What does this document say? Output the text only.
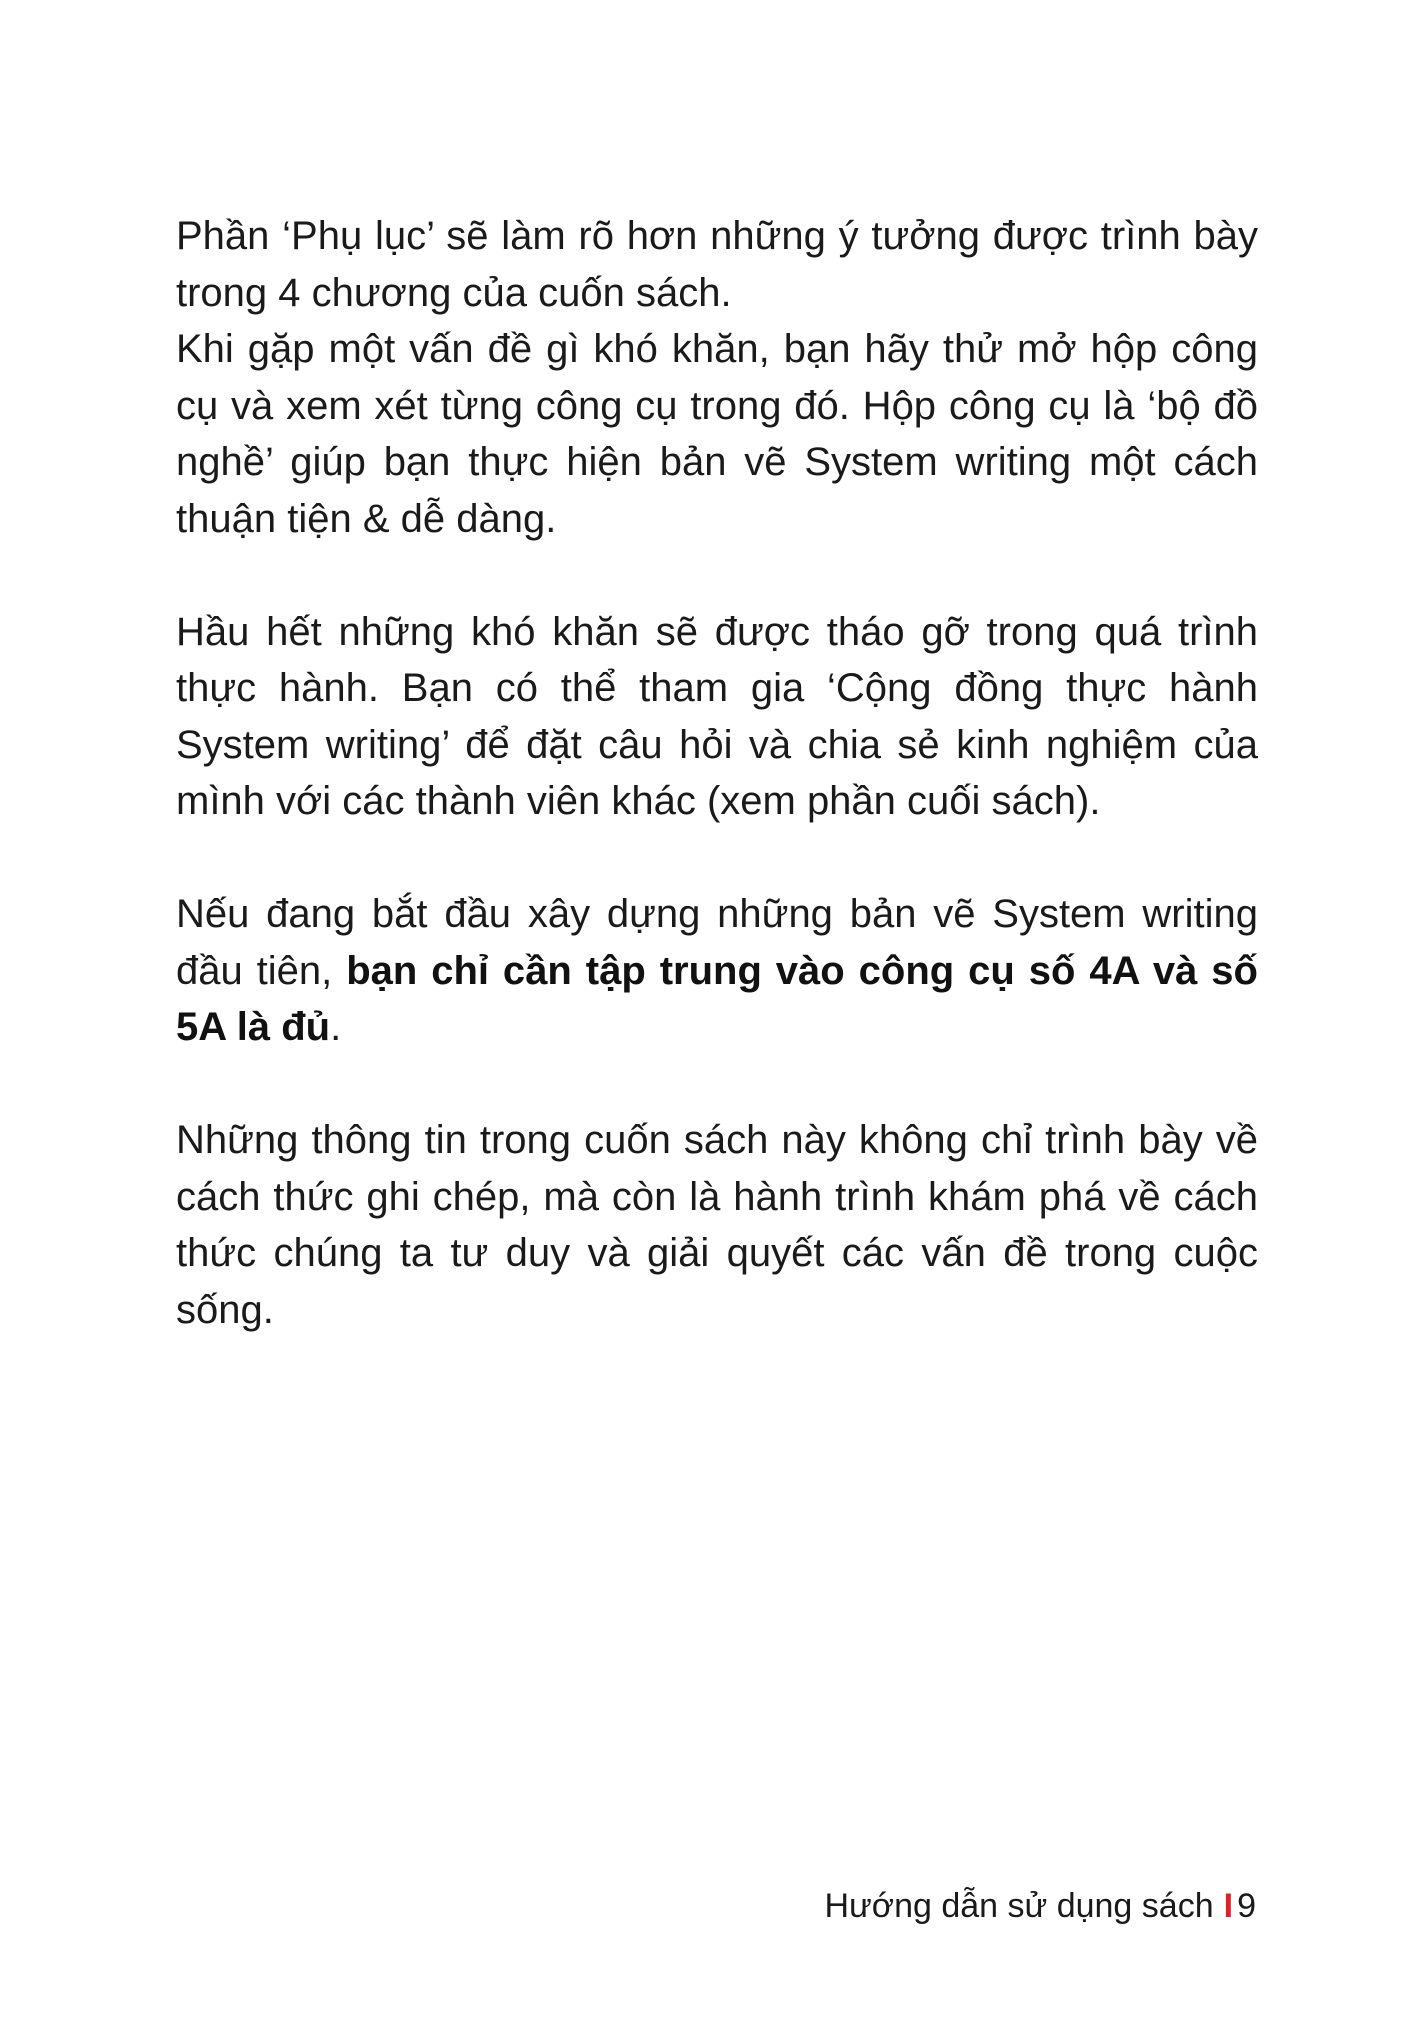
Phần ‘Phụ lục’ sẽ làm rõ hơn những ý tưởng được trình bày trong 4 chương của cuốn sách.

Khi gặp một vấn đề gì khó khăn, bạn hãy thử mở hộp công cụ và xem xét từng công cụ trong đó. Hộp công cụ là ‘bộ đồ nghề’ giúp bạn thực hiện bản vẽ System writing một cách thuận tiện & dễ dàng.

Hầu hết những khó khăn sẽ được tháo gỡ trong quá trình thực hành. Bạn có thể tham gia ‘Cộng đồng thực hành System writing’ để đặt câu hỏi và chia sẻ kinh nghiệm của mình với các thành viên khác (xem phần cuối sách).

Nếu đang bắt đầu xây dựng những bản vẽ System writing đầu tiên, bạn chỉ cần tập trung vào công cụ số 4A và số 5A là đủ.

Những thông tin trong cuốn sách này không chỉ trình bày về cách thức ghi chép, mà còn là hành trình khám phá về cách thức chúng ta tư duy và giải quyết các vấn đề trong cuộc sống.

Hướng dẫn sử dụng sách I 9
